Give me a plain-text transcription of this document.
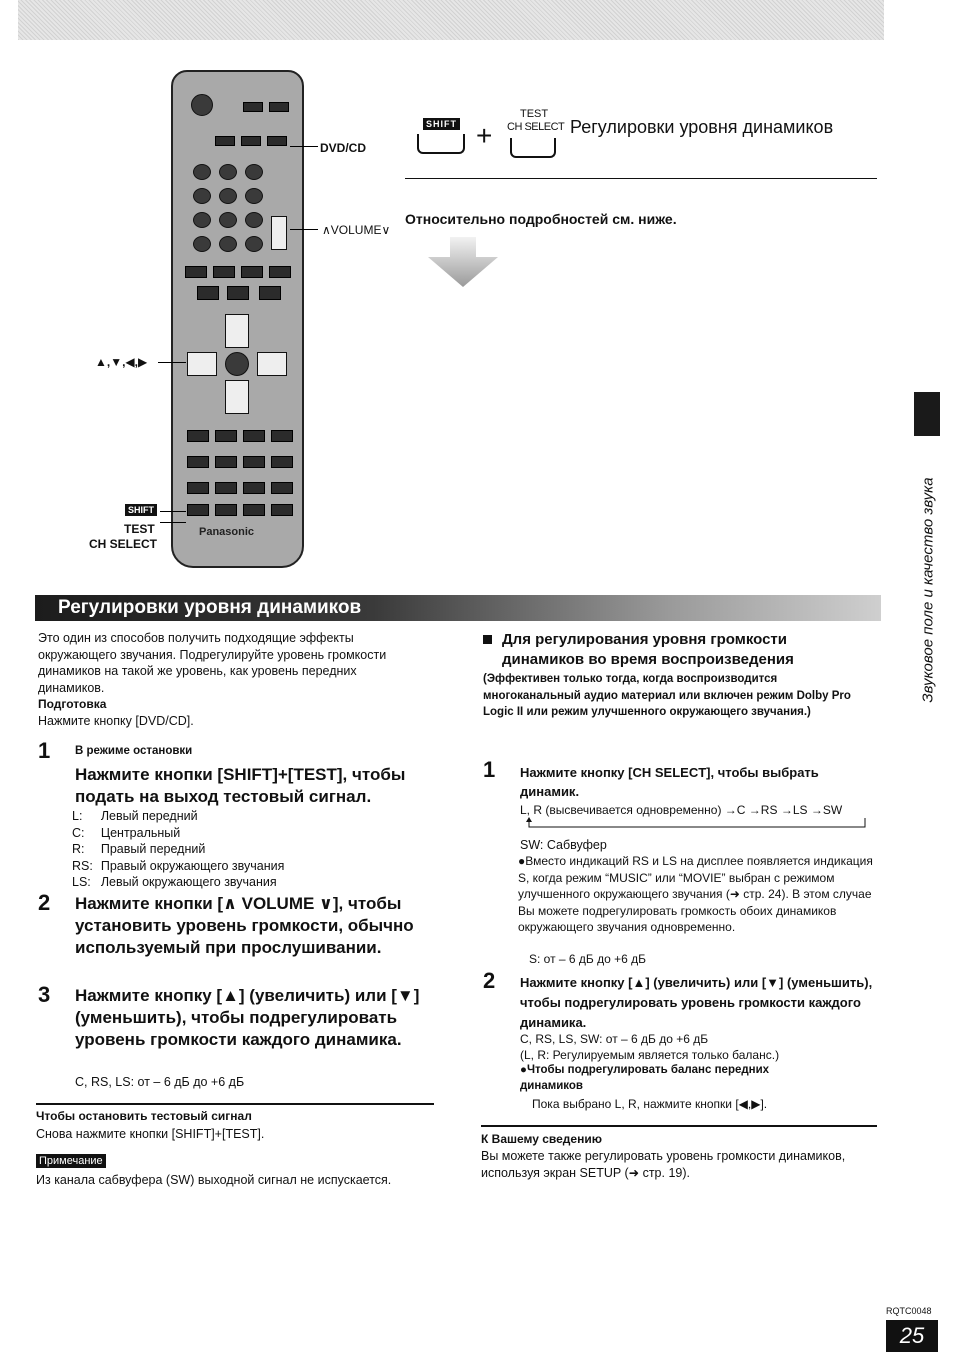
Panasonic
DVD/CD
∧VOLUME∨
▲,▼,◀,▶
SHIFT
TEST
CH SELECT
SHIFT +
TEST
CH SELECT Регулировки уровня динамиков
Относительно подробностей см. ниже.
Звуковое поле и качество звука
Регулировки уровня динамиков

Это один из способов получить подходящие эффекты окружающего звучания. Подрегулируйте уровень громкости динамиков на такой же уровень, как уровень передних динамиков.

Подготовка

Нажмите кнопку [DVD/CD].

1 В режиме остановки
Нажмите кнопки [SHIFT]+[TEST], чтобы подать на выход тестовый сигнал.
L:	Левый передний
C:	Центральный
R:	Правый передний
RS:	Правый окружающего звучания
LS:	Левый окружающего звучания
2 Нажмите кнопки [∧ VOLUME ∨], чтобы установить уровень громкости, обычно используемый при прослушивании.
3 Нажмите кнопку [▲] (увеличить) или [▼] (уменьшить), чтобы подрегулировать уровень громкости каждого динамика.
C, RS, LS: от – 6 дБ до +6 дБ
Чтобы остановить тестовый сигнал
Снова нажмите кнопки [SHIFT]+[TEST].
Примечание
Из канала сабвуфера (SW) выходной сигнал не испускается.
Для регулирования уровня громкости динамиков во время воспроизведения
(Эффективен только тогда, когда воспроизводится многоканальный аудио материал или включен режим Dolby Pro Logic II или режим улучшенного окружающего звучания.)
1 Нажмите кнопку [CH SELECT], чтобы выбрать динамик.
L, R (высвечивается одновременно) →C →RS →LS →SW
SW: Сабвуфер
●Вместо индикаций RS и LS на дисплее появляется индикация S, когда режим “MUSIC” или “MOVIE” выбран с режимом улучшенного окружающего звучания (➜ стр. 24). В этом случае Вы можете подрегулировать громкость обоих динамиков окружающего звучания одновременно.
S: от – 6 дБ до +6 дБ
2 Нажмите кнопку [▲] (увеличить) или [▼] (уменьшить), чтобы подрегулировать уровень громкости каждого динамика.
C, RS, LS, SW: от – 6 дБ до +6 дБ
(L, R: Регулируемым является только баланс.)
●Чтобы подрегулировать баланс передних динамиков
Пока выбрано L, R, нажмите кнопки [◀,▶].
К Вашему сведению
Вы можете также регулировать уровень громкости динамиков, используя экран SETUP (➜ стр. 19).
RQTC0048
25
